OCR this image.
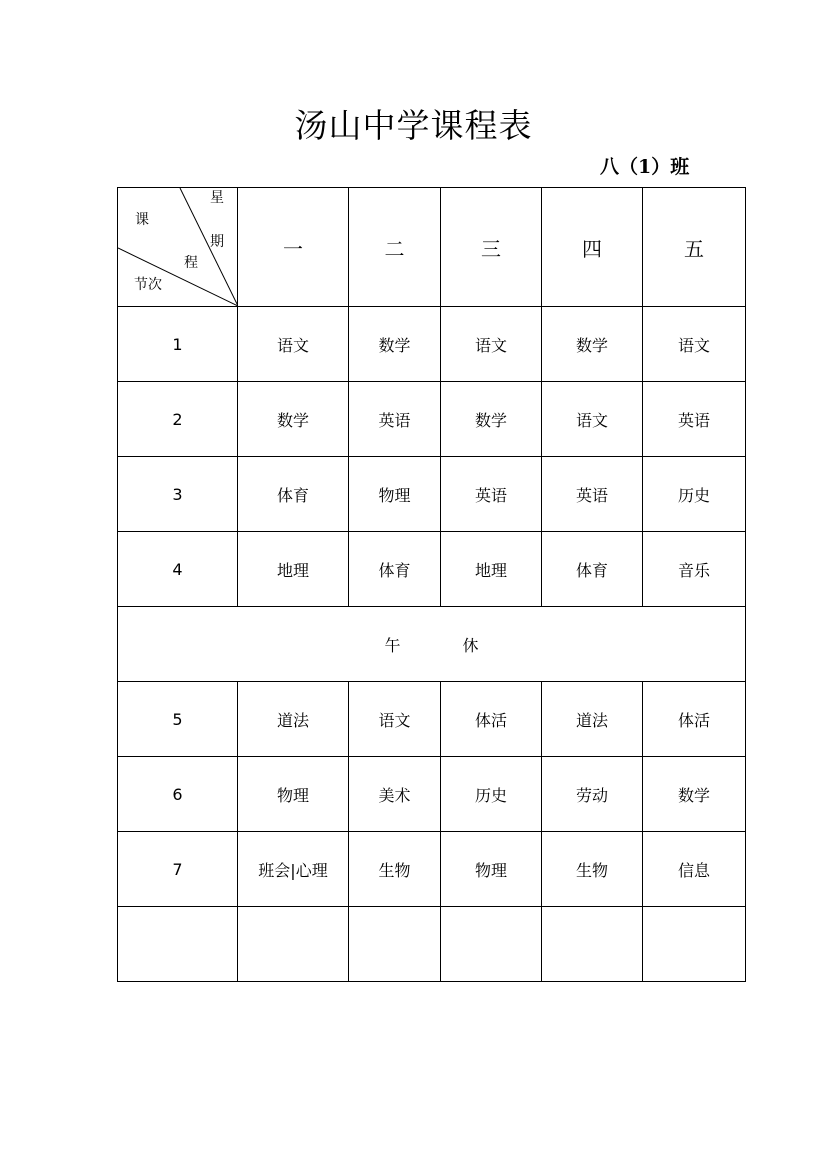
汤山中学课程表
八（1）班
星
期
课
程
节次	一	二	三	四	五
1	语文	数学	语文	数学	语文
2	数学	英语	数学	语文	英语
3	体育	物理	英语	英语	历史
4	地理	体育	地理	体育	音乐
午 休					
5	道法	语文	体活	道法	体活
6	物理	美术	历史	劳动	数学
7	班会|心理	生物	物理	生物	信息
